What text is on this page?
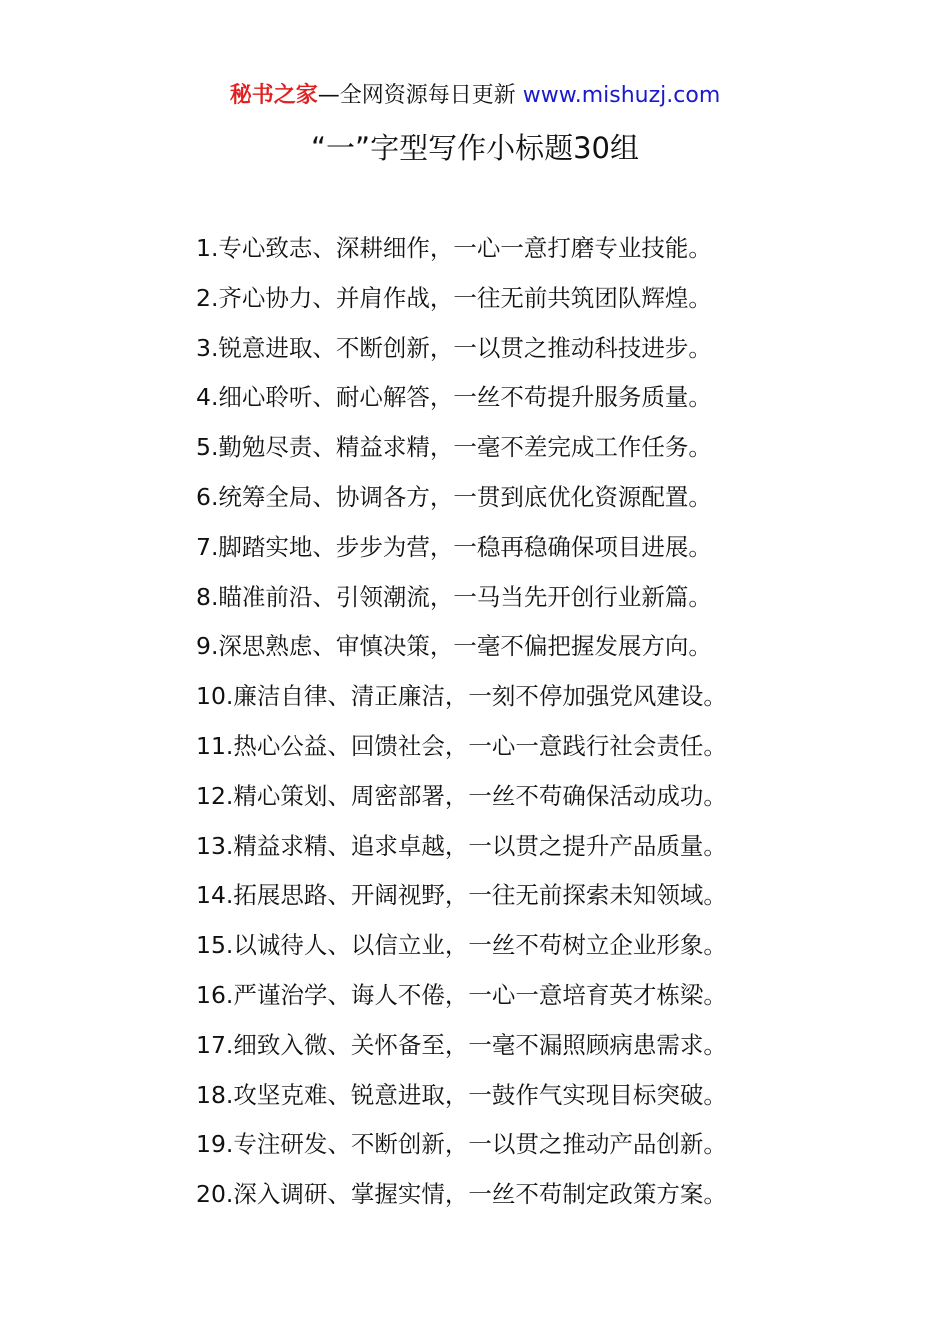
秘书之家—全网资源每日更新 www.mishuzj.com
“一”字型写作小标题30组
1.专心致志、深耕细作，一心一意打磨专业技能。
2.齐心协力、并肩作战，一往无前共筑团队辉煌。
3.锐意进取、不断创新，一以贯之推动科技进步。
4.细心聆听、耐心解答，一丝不苟提升服务质量。
5.勤勉尽责、精益求精，一毫不差完成工作任务。
6.统筹全局、协调各方，一贯到底优化资源配置。
7.脚踏实地、步步为营，一稳再稳确保项目进展。
8.瞄准前沿、引领潮流，一马当先开创行业新篇。
9.深思熟虑、审慎决策，一毫不偏把握发展方向。
10.廉洁自律、清正廉洁，一刻不停加强党风建设。
11.热心公益、回馈社会，一心一意践行社会责任。
12.精心策划、周密部署，一丝不苟确保活动成功。
13.精益求精、追求卓越，一以贯之提升产品质量。
14.拓展思路、开阔视野，一往无前探索未知领域。
15.以诚待人、以信立业，一丝不苟树立企业形象。
16.严谨治学、诲人不倦，一心一意培育英才栋梁。
17.细致入微、关怀备至，一毫不漏照顾病患需求。
18.攻坚克难、锐意进取，一鼓作气实现目标突破。
19.专注研发、不断创新，一以贯之推动产品创新。
20.深入调研、掌握实情，一丝不苟制定政策方案。
